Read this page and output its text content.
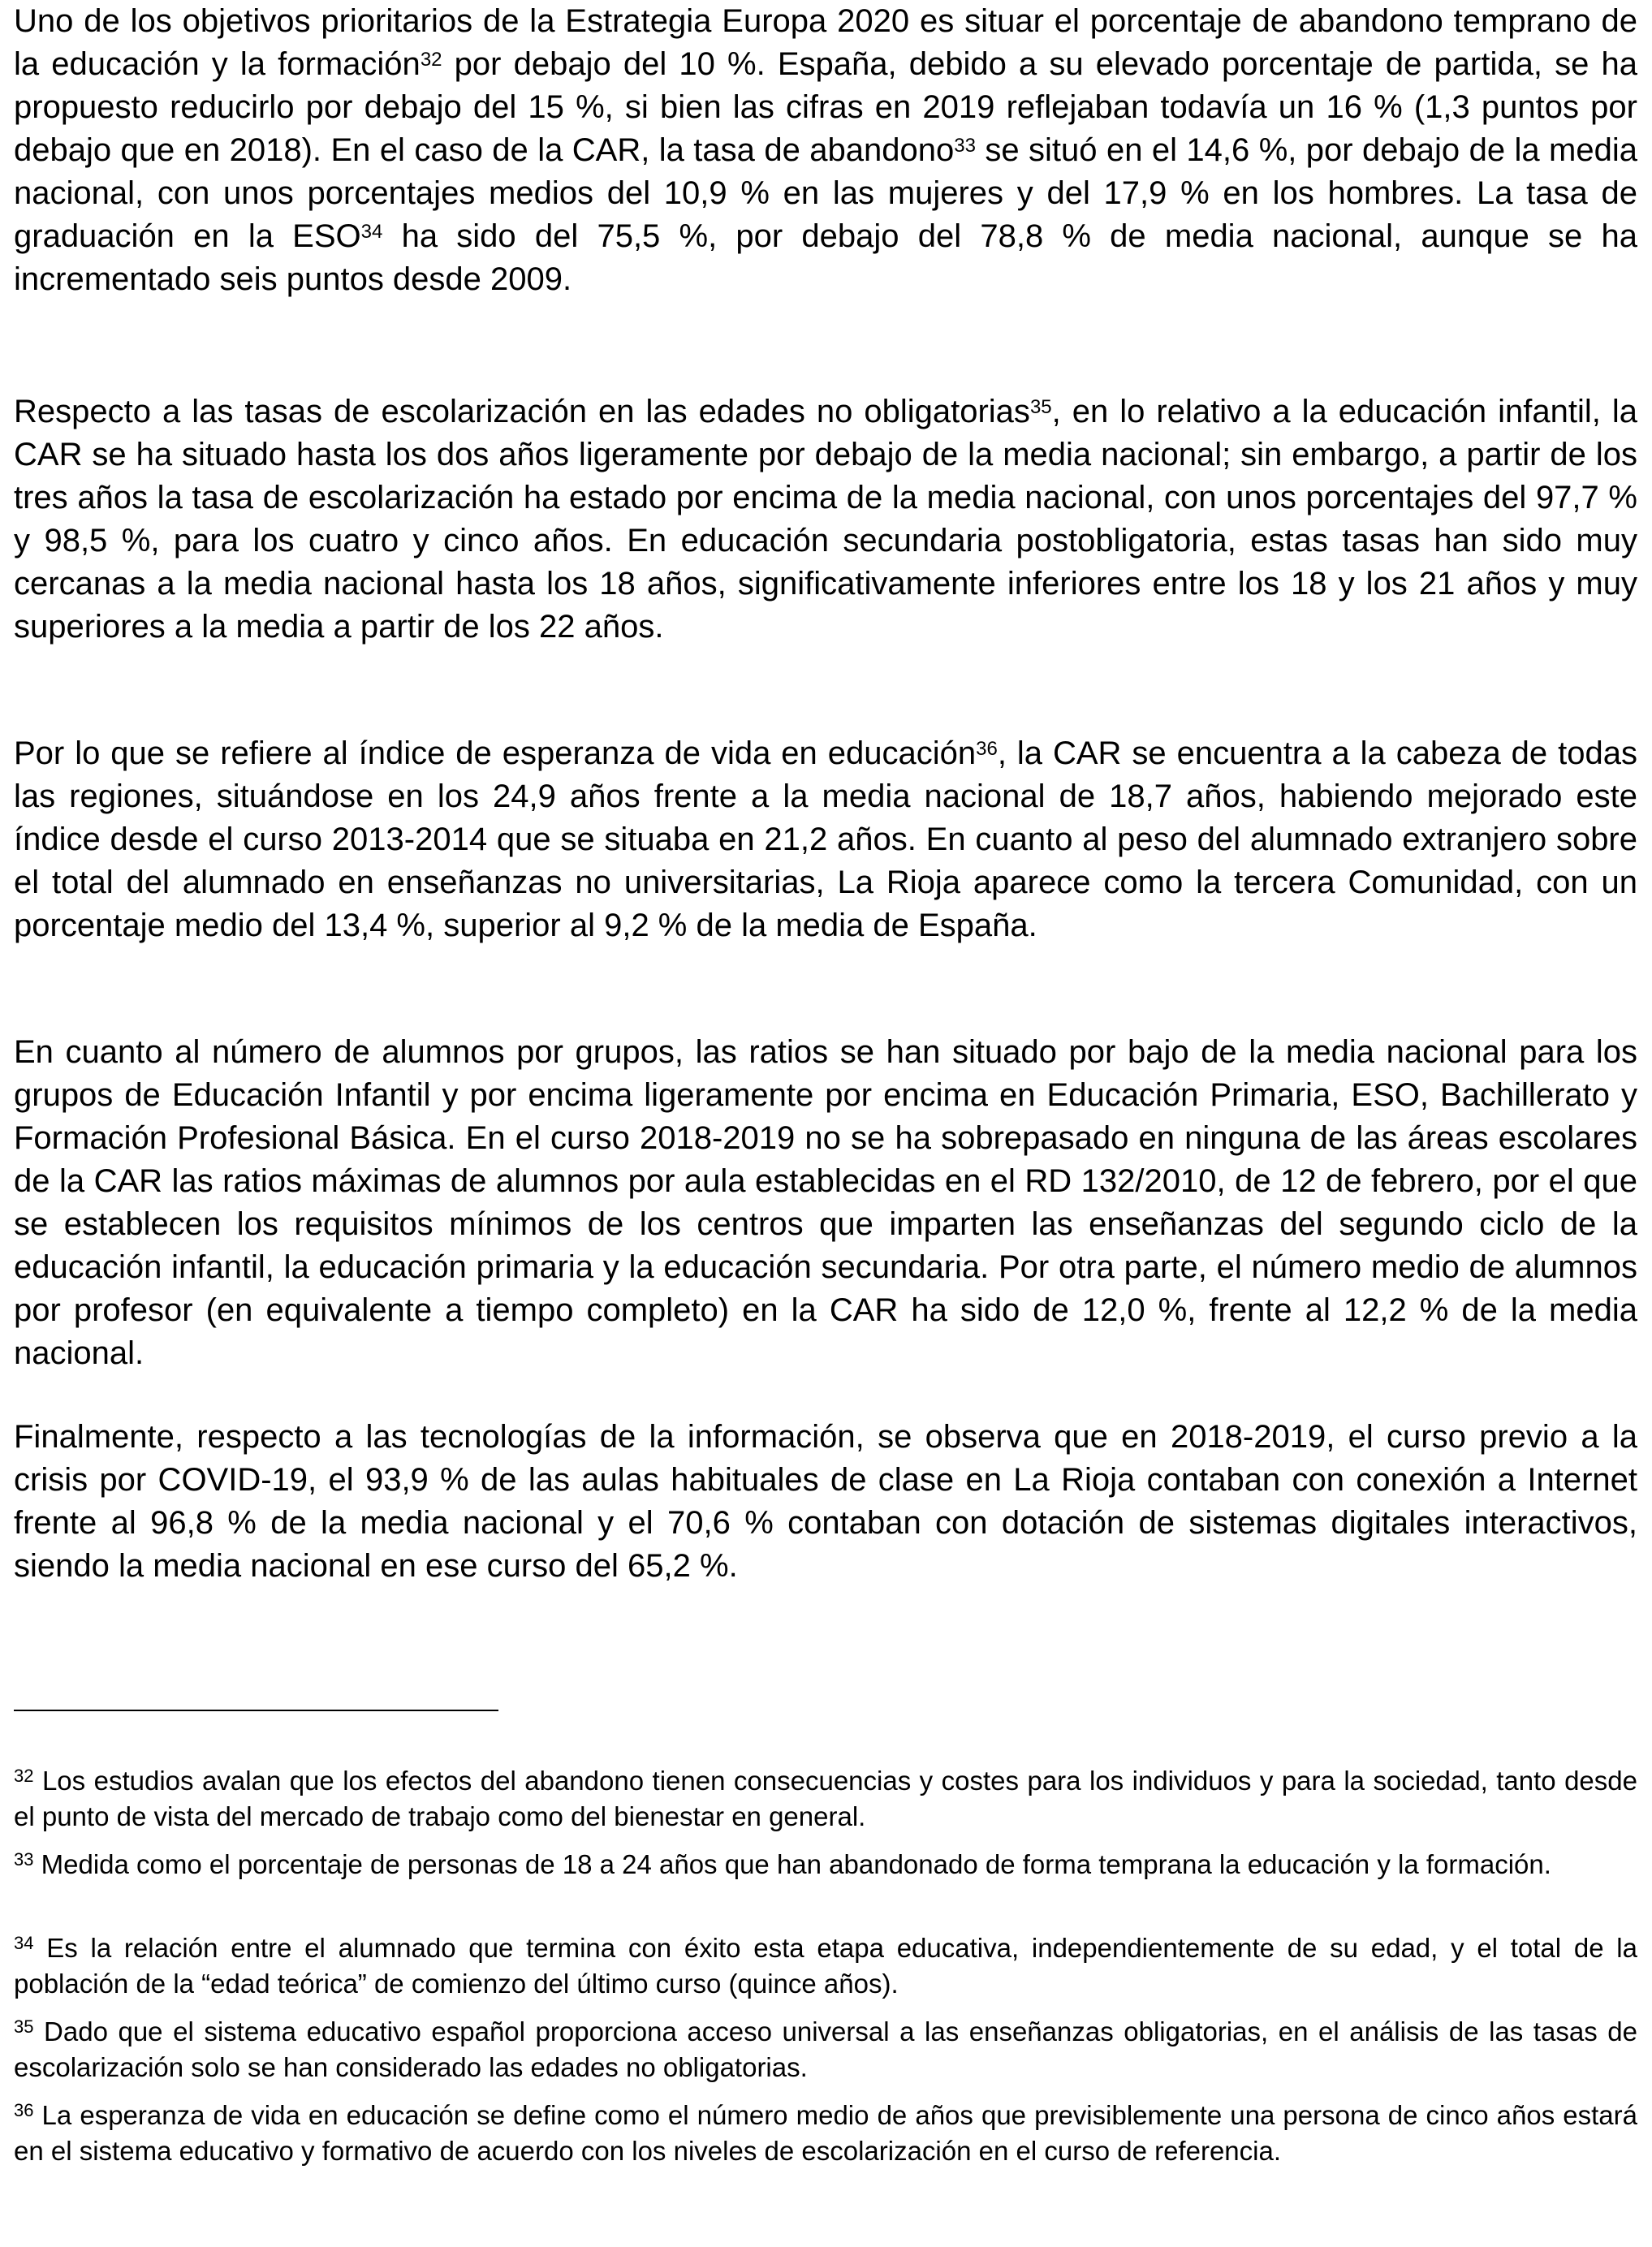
Uno de los objetivos prioritarios de la Estrategia Europa 2020 es situar el porcentaje de abandono temprano de la educación y la formación$^{32}$ por debajo del 10 %. España, debido a su elevado porcentaje de partida, se ha propuesto reducirlo por debajo del 15 %, si bien las cifras en 2019 reflejaban todavía un 16 % (1,3 puntos por debajo que en 2018). En el caso de la CAR, la tasa de abandono$^{33}$ se situó en el 14,6 %, por debajo de la media nacional, con unos porcentajes medios del 10,9 % en las mujeres y del 17,9 % en los hombres. La tasa de graduación en la ESO$^{34}$ ha sido del 75,5 %, por debajo del 78,8 % de media nacional, aunque se ha incrementado seis puntos desde 2009.

Respecto a las tasas de escolarización en las edades no obligatorias$^{35}$, en lo relativo a la educación infantil, la CAR se ha situado hasta los dos años ligeramente por debajo de la media nacional; sin embargo, a partir de los tres años la tasa de escolarización ha estado por encima de la media nacional, con unos porcentajes del 97,7 % y 98,5 %, para los cuatro y cinco años. En educación secundaria postobligatoria, estas tasas han sido muy cercanas a la media nacional hasta los 18 años, significativamente inferiores entre los 18 y los 21 años y muy superiores a la media a partir de los 22 años.

Por lo que se refiere al índice de esperanza de vida en educación$^{36}$, la CAR se encuentra a la cabeza de todas las regiones, situándose en los 24,9 años frente a la media nacional de 18,7 años, habiendo mejorado este índice desde el curso 2013-2014 que se situaba en 21,2 años. En cuanto al peso del alumnado extranjero sobre el total del alumnado en enseñanzas no universitarias, La Rioja aparece como la tercera Comunidad, con un porcentaje medio del 13,4 %, superior al 9,2 % de la media de España.

En cuanto al número de alumnos por grupos, las ratios se han situado por bajo de la media nacional para los grupos de Educación Infantil y por encima ligeramente por encima en Educación Primaria, ESO, Bachillerato y Formación Profesional Básica. En el curso 2018-2019 no se ha sobrepasado en ninguna de las áreas escolares de la CAR las ratios máximas de alumnos por aula establecidas en el RD 132/2010, de 12 de febrero, por el que se establecen los requisitos mínimos de los centros que imparten las enseñanzas del segundo ciclo de la educación infantil, la educación primaria y la educación secundaria. Por otra parte, el número medio de alumnos por profesor (en equivalente a tiempo completo) en la CAR ha sido de 12,0 %, frente al 12,2 % de la media nacional.

Finalmente, respecto a las tecnologías de la información, se observa que en 2018-2019, el curso previo a la crisis por COVID-19, el 93,9 % de las aulas habituales de clase en La Rioja contaban con conexión a Internet frente al 96,8 % de la media nacional y el 70,6 % contaban con dotación de sistemas digitales interactivos, siendo la media nacional en ese curso del 65,2 %.

$^{32}$ Los estudios avalan que los efectos del abandono tienen consecuencias y costes para los individuos y para la sociedad, tanto desde el punto de vista del mercado de trabajo como del bienestar en general.

$^{33}$ Medida como el porcentaje de personas de 18 a 24 años que han abandonado de forma temprana la educación y la formación.

$^{34}$ Es la relación entre el alumnado que termina con éxito esta etapa educativa, independientemente de su edad, y el total de la población de la “edad teórica” de comienzo del último curso (quince años).

$^{35}$ Dado que el sistema educativo español proporciona acceso universal a las enseñanzas obligatorias, en el análisis de las tasas de escolarización solo se han considerado las edades no obligatorias.

$^{36}$ La esperanza de vida en educación se define como el número medio de años que previsiblemente una persona de cinco años estará en el sistema educativo y formativo de acuerdo con los niveles de escolarización en el curso de referencia.
